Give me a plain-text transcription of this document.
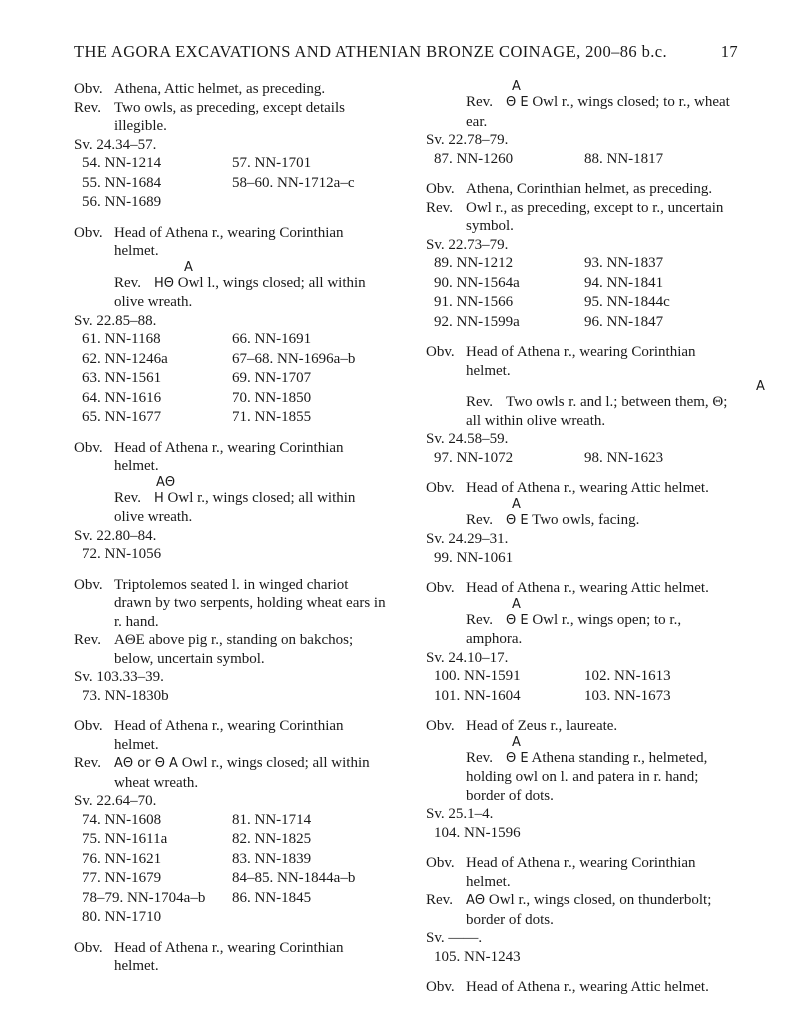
THE AGORA EXCAVATIONS AND ATHENIAN BRONZE COINAGE, 200–86 b.c.	17
Obv. Athena, Attic helmet, as preceding.
Rev. Two owls, as preceding, except details illegible.
Sv. 24.34–57.
54. NN-1214	57. NN-1701
55. NN-1684	58–60. NN-1712a–c
56. NN-1689
Obv. Head of Athena r., wearing Corinthian helmet.
A
Rev. HΘ Owl l., wings closed; all within olive wreath.
Sv. 22.85–88.
61. NN-1168	66. NN-1691
62. NN-1246a	67–68. NN-1696a–b
63. NN-1561	69. NN-1707
64. NN-1616	70. NN-1850
65. NN-1677	71. NN-1855
Obv. Head of Athena r., wearing Corinthian helmet.
AΘ
Rev. H Owl r., wings closed; all within olive wreath.
Sv. 22.80–84.
72. NN-1056
Obv. Triptolemos seated l. in winged chariot drawn by two serpents, holding wheat ears in r. hand.
Rev. AΘE above pig r., standing on bakchos; below, uncertain symbol.
Sv. 103.33–39.
73. NN-1830b
Obv. Head of Athena r., wearing Corinthian helmet.
Rev. AΘ or Θ A Owl r., wings closed; all within wheat wreath.
Sv. 22.64–70.
74. NN-1608	81. NN-1714
75. NN-1611a	82. NN-1825
76. NN-1621	83. NN-1839
77. NN-1679	84–85. NN-1844a–b
78–79. NN-1704a–b	86. NN-1845
80. NN-1710
Obv. Head of Athena r., wearing Corinthian helmet.
A
Rev. Θ E Owl r., wings closed; to r., wheat ear.
Sv. 22.78–79.
87. NN-1260	88. NN-1817
Obv. Athena, Corinthian helmet, as preceding.
Rev. Owl r., as preceding, except to r., uncertain symbol.
Sv. 22.73–79.
89. NN-1212	93. NN-1837
90. NN-1564a	94. NN-1841
91. NN-1566	95. NN-1844c
92. NN-1599a	96. NN-1847
Obv. Head of Athena r., wearing Corinthian helmet.
A
Rev. Two owls r. and l.; between them, Θ; all within olive wreath.
Sv. 24.58–59.
97. NN-1072	98. NN-1623
Obv. Head of Athena r., wearing Attic helmet.
A
Rev. Θ E Two owls, facing.
Sv. 24.29–31.
99. NN-1061
Obv. Head of Athena r., wearing Attic helmet.
A
Rev. Θ E Owl r., wings open; to r., amphora.
Sv. 24.10–17.
100. NN-1591	102. NN-1613
101. NN-1604	103. NN-1673
Obv. Head of Zeus r., laureate.
A
Rev. Θ E Athena standing r., helmeted, holding owl on l. and patera in r. hand; border of dots.
Sv. 25.1–4.
104. NN-1596
Obv. Head of Athena r., wearing Corinthian helmet.
Rev. AΘ Owl r., wings closed, on thunderbolt; border of dots.
Sv. ——.
105. NN-1243
Obv. Head of Athena r., wearing Attic helmet.
